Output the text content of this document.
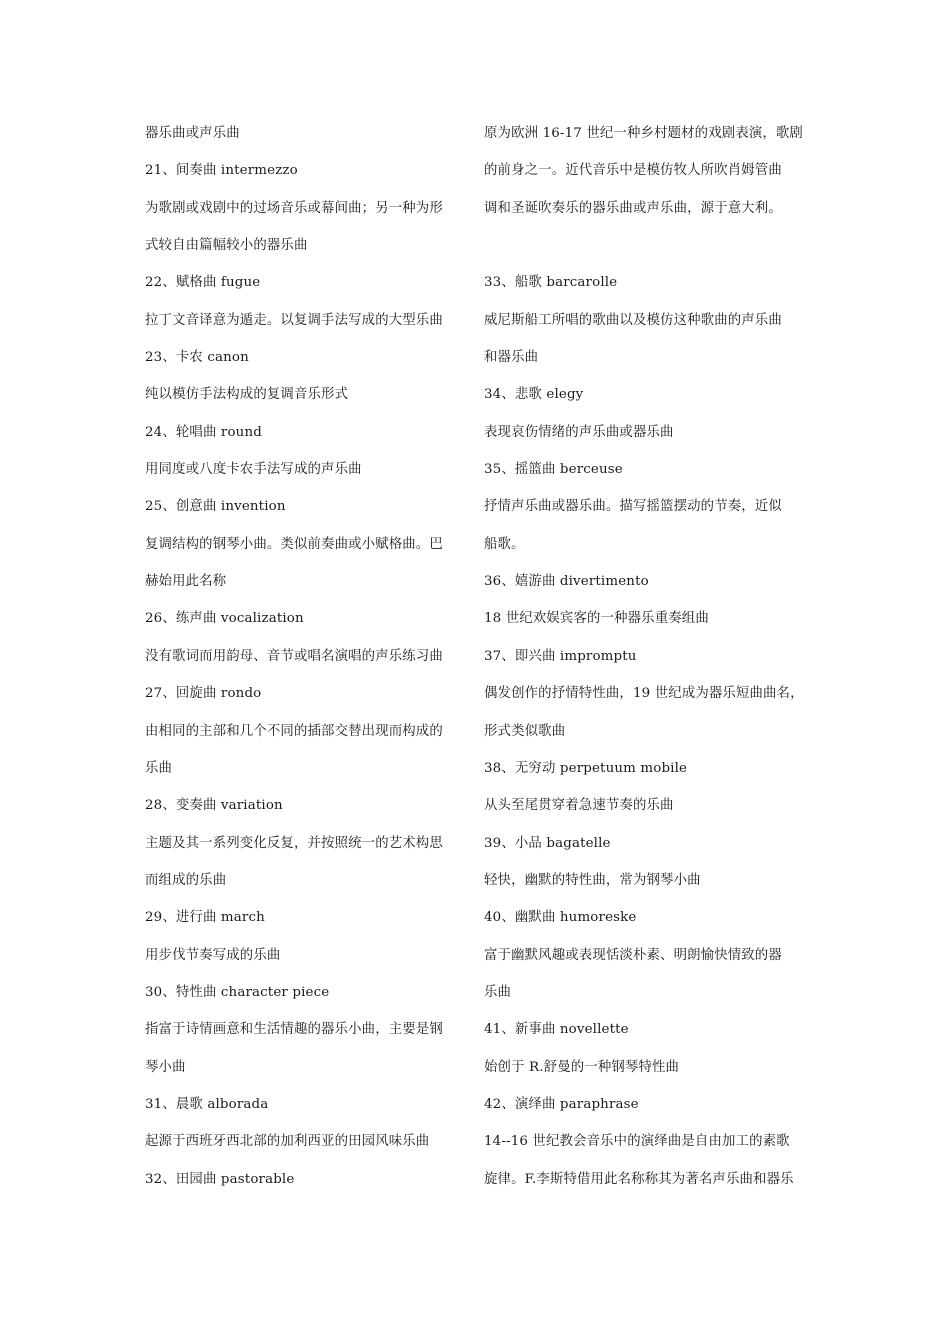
器乐曲或声乐曲
21、间奏曲 intermezzo
为歌剧或戏剧中的过场音乐或幕间曲；另一种为形
式较自由篇幅较小的器乐曲
22、赋格曲 fugue
拉丁文音译意为遁走。以复调手法写成的大型乐曲
23、卡农 canon
纯以模仿手法构成的复调音乐形式
24、轮唱曲 round
用同度或八度卡农手法写成的声乐曲
25、创意曲 invention
复调结构的钢琴小曲。类似前奏曲或小赋格曲。巴
赫始用此名称
26、练声曲 vocalization
没有歌词而用韵母、音节或唱名演唱的声乐练习曲
27、回旋曲 rondo
由相同的主部和几个不同的插部交替出现而构成的
乐曲
28、变奏曲 variation
主题及其一系列变化反复，并按照统一的艺术构思
而组成的乐曲
29、进行曲 march
用步伐节奏写成的乐曲
30、特性曲 character piece
指富于诗情画意和生活情趣的器乐小曲，主要是钢
琴小曲
31、晨歌 alborada
起源于西班牙西北部的加利西亚的田园风味乐曲
32、田园曲 pastorable
原为欧洲 16-17 世纪一种乡村题材的戏剧表演，歌剧
的前身之一。近代音乐中是模仿牧人所吹肖姆管曲
调和圣诞吹奏乐的器乐曲或声乐曲，源于意大利。
33、船歌 barcarolle
威尼斯船工所唱的歌曲以及模仿这种歌曲的声乐曲
和器乐曲
34、悲歌 elegy
表现哀伤情绪的声乐曲或器乐曲
35、摇篮曲 berceuse
抒情声乐曲或器乐曲。描写摇篮摆动的节奏，近似
船歌。
36、嬉游曲 divertimento
18 世纪欢娱宾客的一种器乐重奏组曲
37、即兴曲 impromptu
偶发创作的抒情特性曲，19 世纪成为器乐短曲曲名，
形式类似歌曲
38、无穷动 perpetuum mobile
从头至尾贯穿着急速节奏的乐曲
39、小品 bagatelle
轻快，幽默的特性曲，常为钢琴小曲
40、幽默曲 humoreske
富于幽默风趣或表现恬淡朴素、明朗愉快情致的器
乐曲
41、新事曲 novellette
始创于 R.舒曼的一种钢琴特性曲
42、演绎曲 paraphrase
14--16 世纪教会音乐中的演绎曲是自由加工的素歌
旋律。F.李斯特借用此名称称其为著名声乐曲和器乐
